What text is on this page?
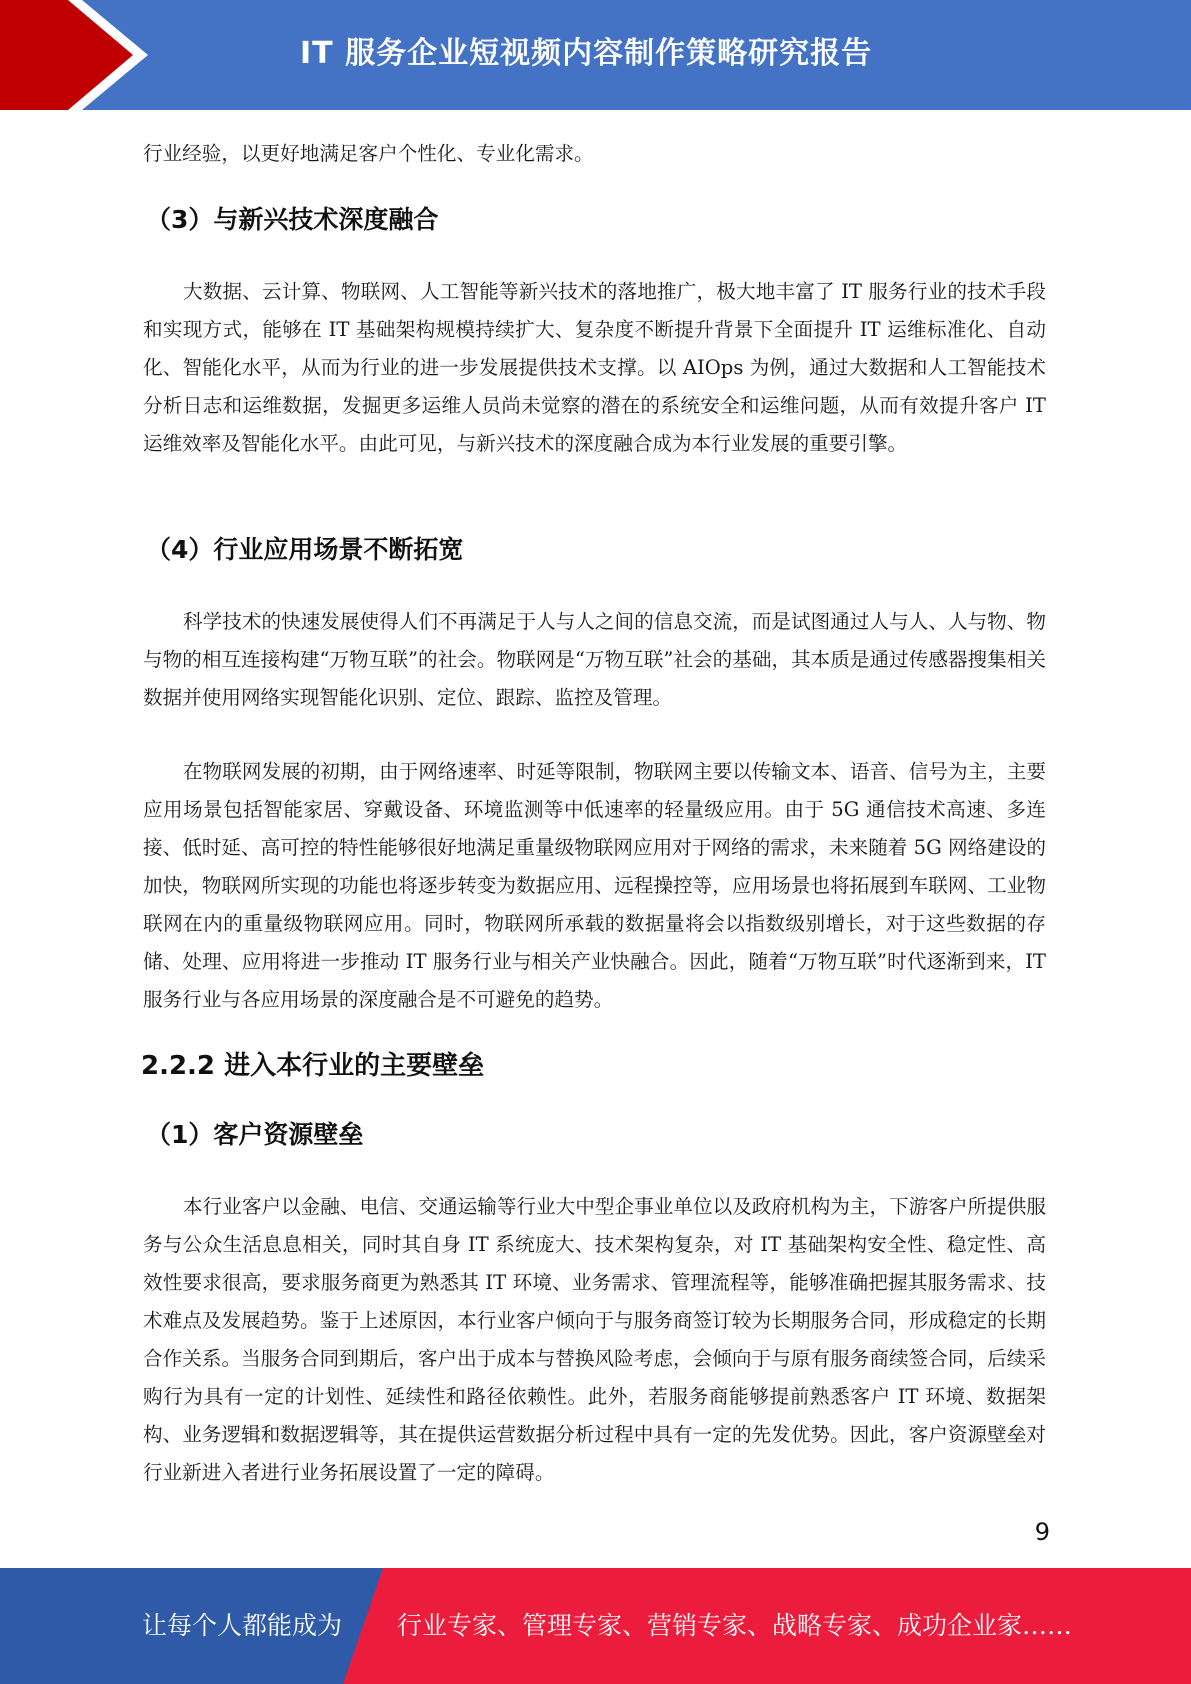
IT 服务企业短视频内容制作策略研究报告

行业经验，以更好地满足客户个性化、专业化需求。

（3）与新兴技术深度融合

大数据、云计算、物联网、人工智能等新兴技术的落地推广，极大地丰富了 IT 服务行业的技术手段和实现方式，能够在 IT 基础架构规模持续扩大、复杂度不断提升背景下全面提升 IT 运维标准化、自动化、智能化水平，从而为行业的进一步发展提供技术支撑。以 AIOps 为例，通过大数据和人工智能技术分析日志和运维数据，发掘更多运维人员尚未觉察的潜在的系统安全和运维问题，从而有效提升客户 IT 运维效率及智能化水平。由此可见，与新兴技术的深度融合成为本行业发展的重要引擎。

（4）行业应用场景不断拓宽

科学技术的快速发展使得人们不再满足于人与人之间的信息交流，而是试图通过人与人、人与物、物与物的相互连接构建“万物互联”的社会。物联网是“万物互联”社会的基础，其本质是通过传感器搜集相关数据并使用网络实现智能化识别、定位、跟踪、监控及管理。

在物联网发展的初期，由于网络速率、时延等限制，物联网主要以传输文本、语音、信号为主，主要应用场景包括智能家居、穿戴设备、环境监测等中低速率的轻量级应用。由于 5G 通信技术高速、多连接、低时延、高可控的特性能够很好地满足重量级物联网应用对于网络的需求，未来随着 5G 网络建设的加快，物联网所实现的功能也将逐步转变为数据应用、远程操控等，应用场景也将拓展到车联网、工业物联网在内的重量级物联网应用。同时，物联网所承载的数据量将会以指数级别增长，对于这些数据的存储、处理、应用将进一步推动 IT 服务行业与相关产业快融合。因此，随着“万物互联”时代逐渐到来，IT 服务行业与各应用场景的深度融合是不可避免的趋势。

2.2.2 进入本行业的主要壁垒
（1）客户资源壁垒

本行业客户以金融、电信、交通运输等行业大中型企事业单位以及政府机构为主，下游客户所提供服务与公众生活息息相关，同时其自身 IT 系统庞大、技术架构复杂，对 IT 基础架构安全性、稳定性、高效性要求很高，要求服务商更为熟悉其 IT 环境、业务需求、管理流程等，能够准确把握其服务需求、技术难点及发展趋势。鉴于上述原因，本行业客户倾向于与服务商签订较为长期服务合同，形成稳定的长期合作关系。当服务合同到期后，客户出于成本与替换风险考虑，会倾向于与原有服务商续签合同，后续采购行为具有一定的计划性、延续性和路径依赖性。此外，若服务商能够提前熟悉客户 IT 环境、数据架构、业务逻辑和数据逻辑等，其在提供运营数据分析过程中具有一定的先发优势。因此，客户资源壁垒对行业新进入者进行业务拓展设置了一定的障碍。

9
让每个人都能成为 行业专家、管理专家、营销专家、战略专家、成功企业家……
